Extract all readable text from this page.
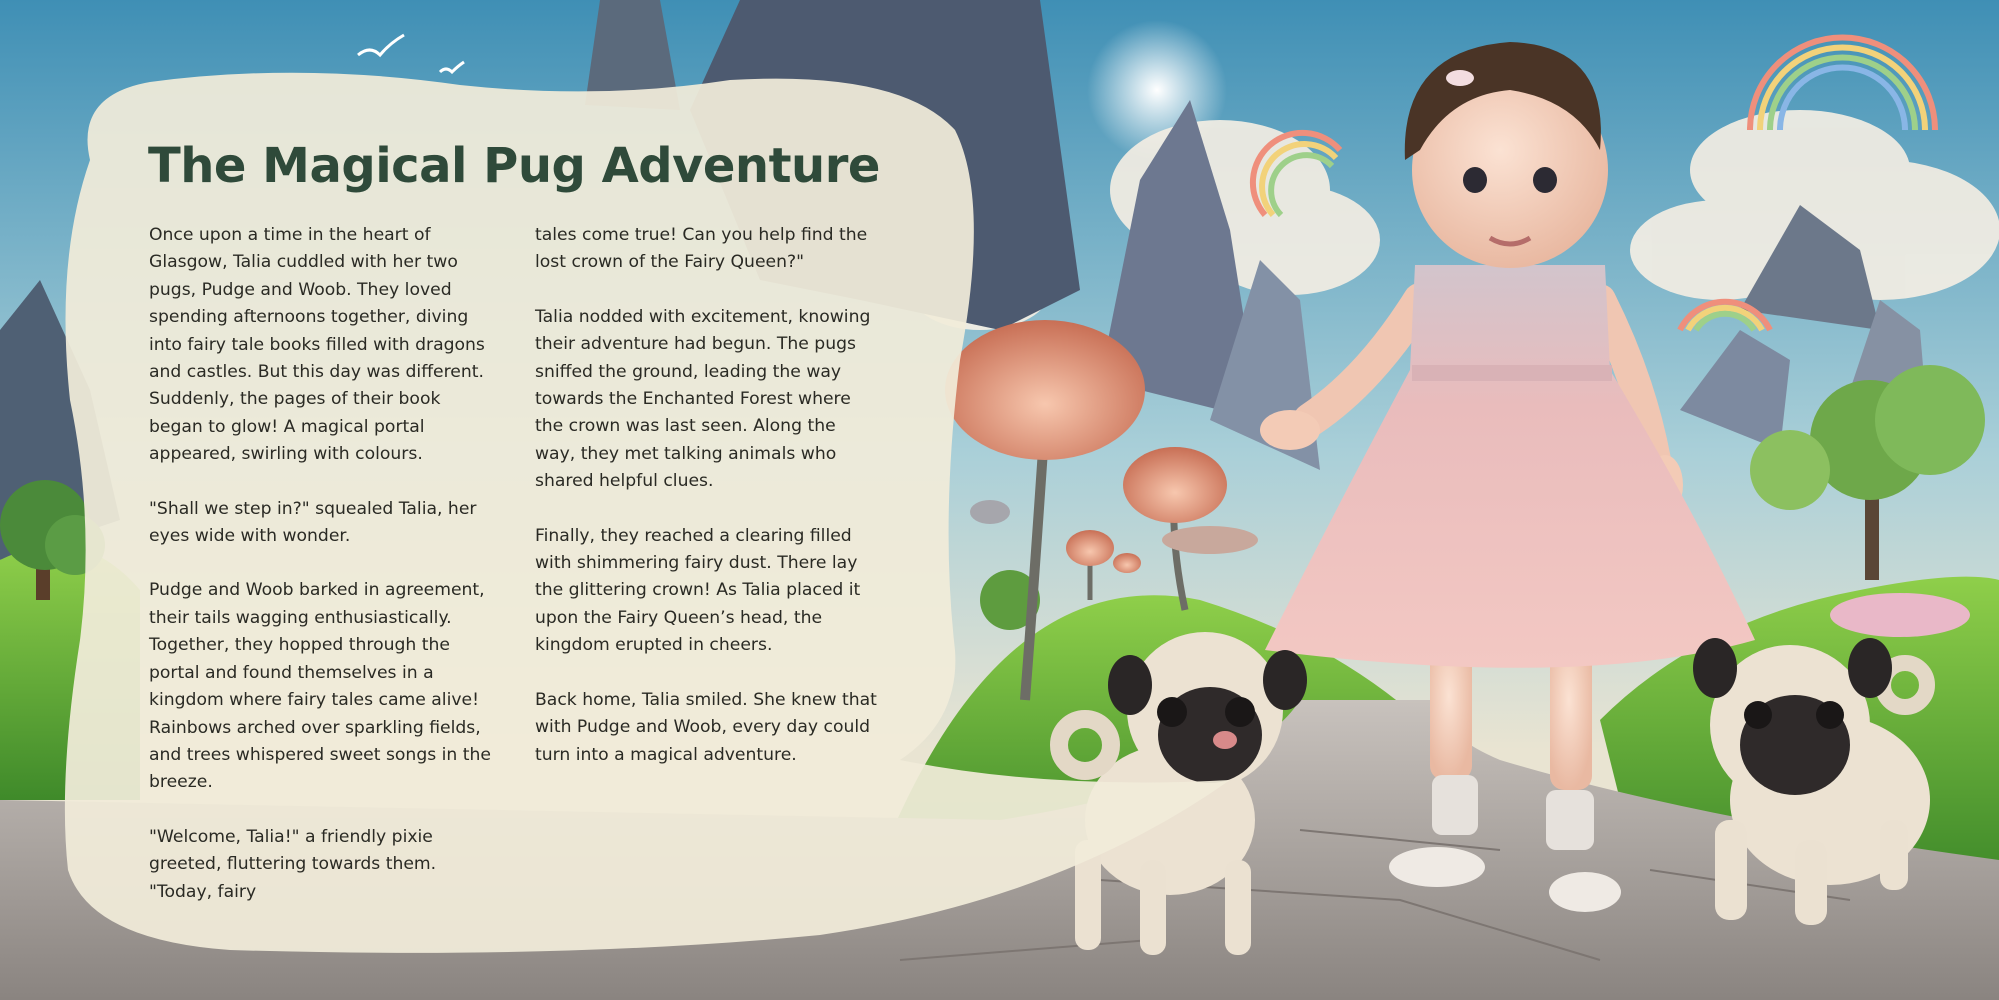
The Magical Pug Adventure

Once upon a time in the heart of Glasgow, Talia cuddled with her two pugs, Pudge and Woob. They loved spending afternoons together, diving into fairy tale books filled with dragons and castles. But this day was different. Suddenly, the pages of their book began to glow! A magical portal appeared, swirling with colours.

"Shall we step in?" squealed Talia, her eyes wide with wonder.

Pudge and Woob barked in agreement, their tails wagging enthusiastically. Together, they hopped through the portal and found themselves in a kingdom where fairy tales came alive! Rainbows arched over sparkling fields, and trees whispered sweet songs in the breeze.

"Welcome, Talia!" a friendly pixie greeted, fluttering towards them. "Today, fairy

tales come true! Can you help find the lost crown of the Fairy Queen?"

Talia nodded with excitement, knowing their adventure had begun. The pugs sniffed the ground, leading the way towards the Enchanted Forest where the crown was last seen. Along the way, they met talking animals who shared helpful clues.

Finally, they reached a clearing filled with shimmering fairy dust. There lay the glittering crown! As Talia placed it upon the Fairy Queen’s head, the kingdom erupted in cheers.

Back home, Talia smiled. She knew that with Pudge and Woob, every day could turn into a magical adventure.
